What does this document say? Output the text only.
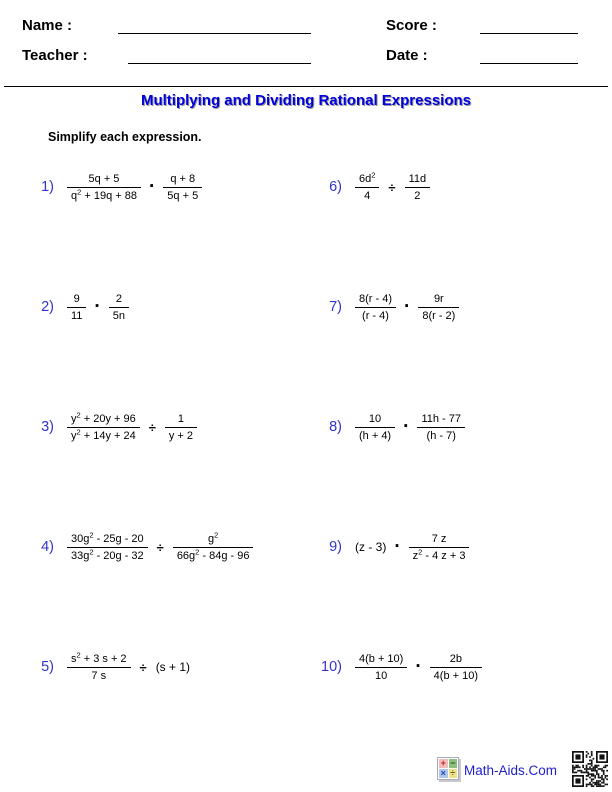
Name :	Score :
Teacher :	Date :
Multiplying and Dividing Rational Expressions
Simplify each expression.
$1) \frac{5q + 5}{q^2 + 19q + 88} \cdot \frac{q + 8}{5q + 5}$
$2) \frac{9}{11} \cdot \frac{2}{5n}$
$3) \frac{y^2 + 20y + 96}{y^2 + 14y + 24} \div \frac{1}{y + 2}$
$4) \frac{30g^2 - 25g - 20}{33g^2 - 20g - 32} \div \frac{g^2}{66g^2 - 84g - 96}$
$5) \frac{s^2 + 3 s + 2}{7 s} \div (s + 1)$
$6) \frac{6d^2}{4} \div \frac{11d}{2}$
$7) \frac{8(r - 4)}{(r - 4)} \cdot \frac{9r}{8(r - 2)}$
$8) \frac{10}{(h + 4)} \cdot \frac{11h - 77}{(h - 7)}$
9) $(z - 3) \cdot \frac{7 z}{z^2 - 4 z + 3}$
$10) \frac{4(b + 10)}{10} \cdot \frac{2b}{4(b + 10)}$
+ −
× ÷ Math-Aids.Com
